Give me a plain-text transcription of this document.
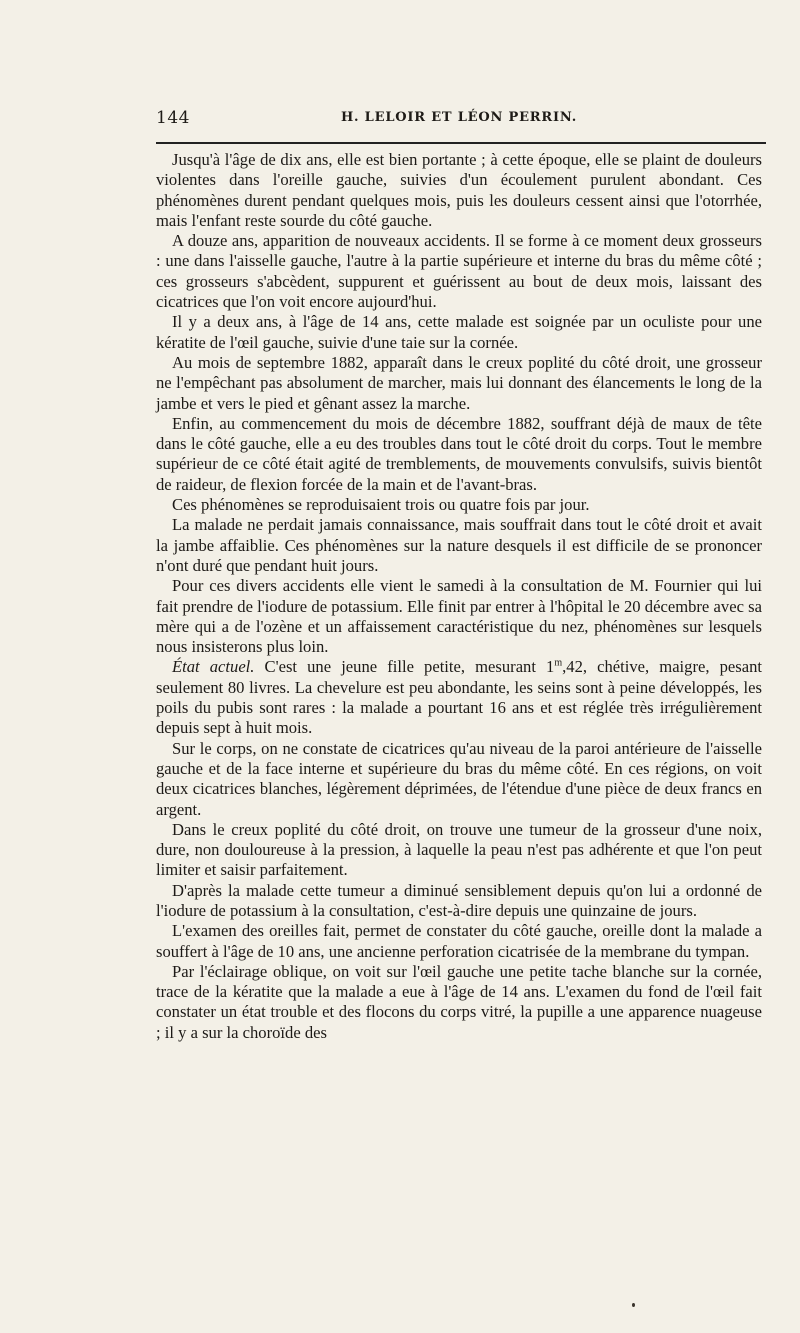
144	H. LELOIR ET LÉON PERRIN.

Jusqu'à l'âge de dix ans, elle est bien portante ; à cette époque, elle se plaint de douleurs violentes dans l'oreille gauche, suivies d'un écoulement purulent abondant. Ces phénomènes durent pendant quelques mois, puis les douleurs cessent ainsi que l'otorrhée, mais l'enfant reste sourde du côté gauche.

A douze ans, apparition de nouveaux accidents. Il se forme à ce moment deux grosseurs : une dans l'aisselle gauche, l'autre à la partie supérieure et interne du bras du même côté ; ces grosseurs s'abcèdent, suppurent et guérissent au bout de deux mois, laissant des cicatrices que l'on voit encore aujourd'hui.

Il y a deux ans, à l'âge de 14 ans, cette malade est soignée par un oculiste pour une kératite de l'œil gauche, suivie d'une taie sur la cornée.

Au mois de septembre 1882, apparaît dans le creux poplité du côté droit, une grosseur ne l'empêchant pas absolument de marcher, mais lui donnant des élancements le long de la jambe et vers le pied et gênant assez la marche.

Enfin, au commencement du mois de décembre 1882, souffrant déjà de maux de tête dans le côté gauche, elle a eu des troubles dans tout le côté droit du corps. Tout le membre supérieur de ce côté était agité de tremblements, de mouvements convulsifs, suivis bientôt de raideur, de flexion forcée de la main et de l'avant-bras.

Ces phénomènes se reproduisaient trois ou quatre fois par jour.

La malade ne perdait jamais connaissance, mais souffrait dans tout le côté droit et avait la jambe affaiblie. Ces phénomènes sur la nature desquels il est difficile de se prononcer n'ont duré que pendant huit jours.

Pour ces divers accidents elle vient le samedi à la consultation de M. Fournier qui lui fait prendre de l'iodure de potassium. Elle finit par entrer à l'hôpital le 20 décembre avec sa mère qui a de l'ozène et un affaissement caractéristique du nez, phénomènes sur lesquels nous insisterons plus loin.

État actuel. C'est une jeune fille petite, mesurant 1$^m$,42, chétive, maigre, pesant seulement 80 livres. La chevelure est peu abondante, les seins sont à peine développés, les poils du pubis sont rares : la malade a pourtant 16 ans et est réglée très irrégulièrement depuis sept à huit mois.

Sur le corps, on ne constate de cicatrices qu'au niveau de la paroi antérieure de l'aisselle gauche et de la face interne et supérieure du bras du même côté. En ces régions, on voit deux cicatrices blanches, légèrement déprimées, de l'étendue d'une pièce de deux francs en argent.

Dans le creux poplité du côté droit, on trouve une tumeur de la grosseur d'une noix, dure, non douloureuse à la pression, à laquelle la peau n'est pas adhérente et que l'on peut limiter et saisir parfaitement.

D'après la malade cette tumeur a diminué sensiblement depuis qu'on lui a ordonné de l'iodure de potassium à la consultation, c'est-à-dire depuis une quinzaine de jours.

L'examen des oreilles fait, permet de constater du côté gauche, oreille dont la malade a souffert à l'âge de 10 ans, une ancienne perforation cicatrisée de la membrane du tympan.

Par l'éclairage oblique, on voit sur l'œil gauche une petite tache blanche sur la cornée, trace de la kératite que la malade a eue à l'âge de 14 ans. L'examen du fond de l'œil fait constater un état trouble et des flocons du corps vitré, la pupille a une apparence nuageuse ; il y a sur la choroïde des
